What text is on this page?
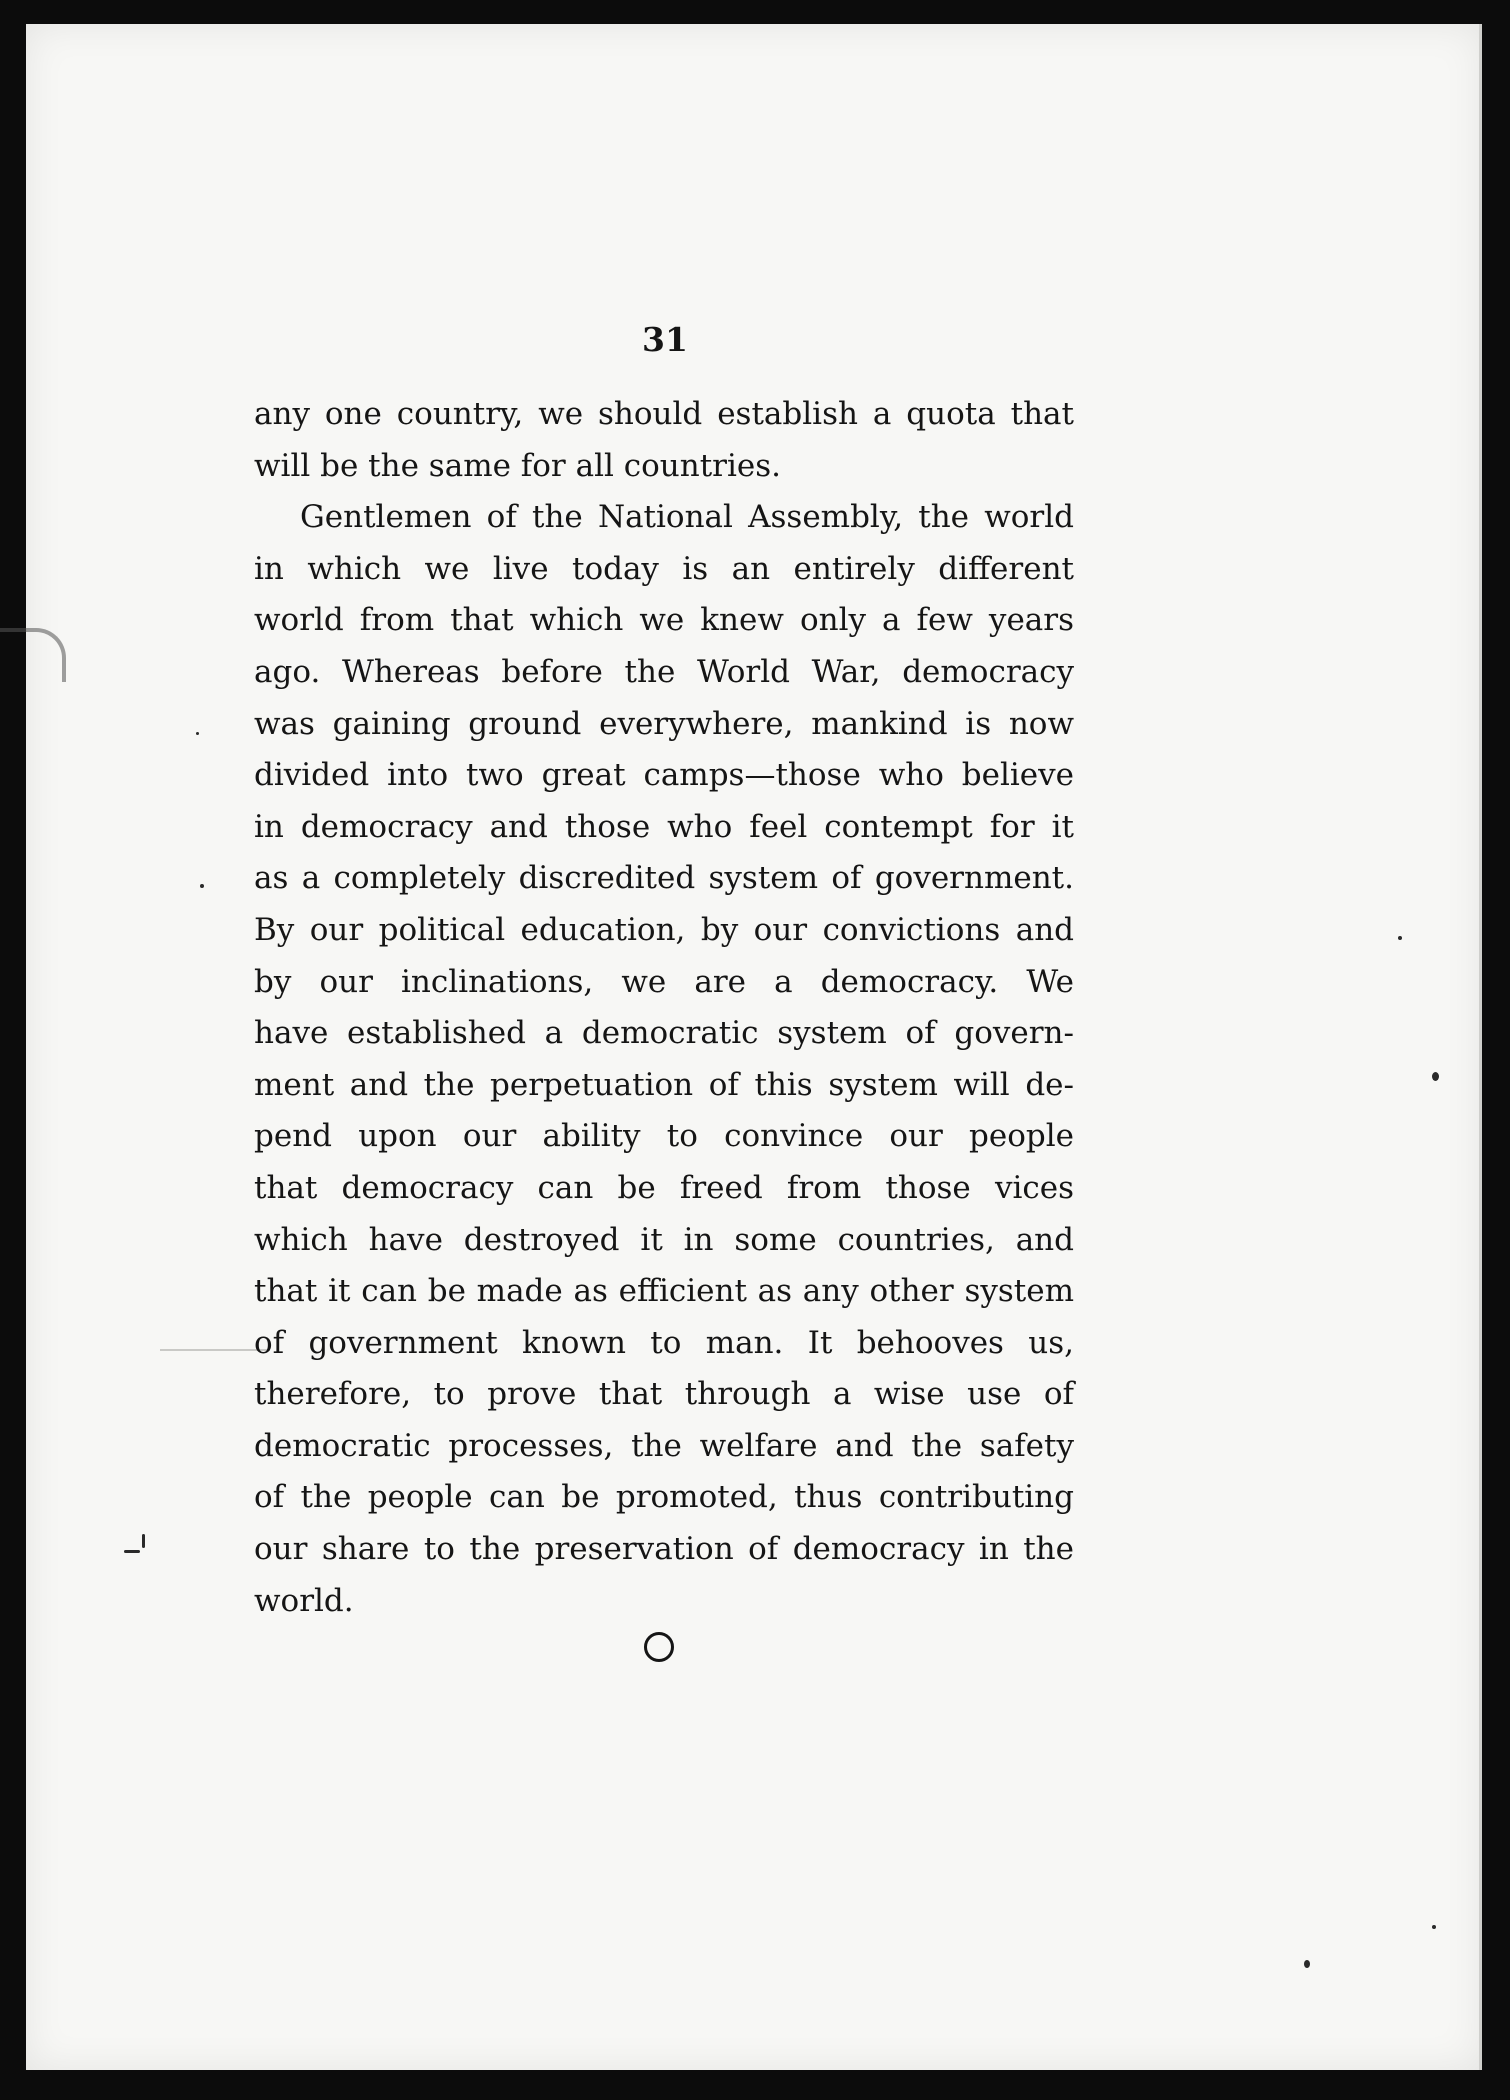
31
any one country, we should establish a quota that
will be the same for all countries.
Gentlemen of the National Assembly, the world
in which we live today is an entirely different
world from that which we knew only a few years
ago. Whereas before the World War, democracy
was gaining ground everywhere, mankind is now
divided into two great camps—those who believe
in democracy and those who feel contempt for it
as a completely discredited system of government.
By our political education, by our convictions and
by our inclinations, we are a democracy. We
have established a democratic system of govern-
ment and the perpetuation of this system will de-
pend upon our ability to convince our people
that democracy can be freed from those vices
which have destroyed it in some countries, and
that it can be made as efficient as any other system
of government known to man. It behooves us,
therefore, to prove that through a wise use of
democratic processes, the welfare and the safety
of the people can be promoted, thus contributing
our share to the preservation of democracy in the
world.
